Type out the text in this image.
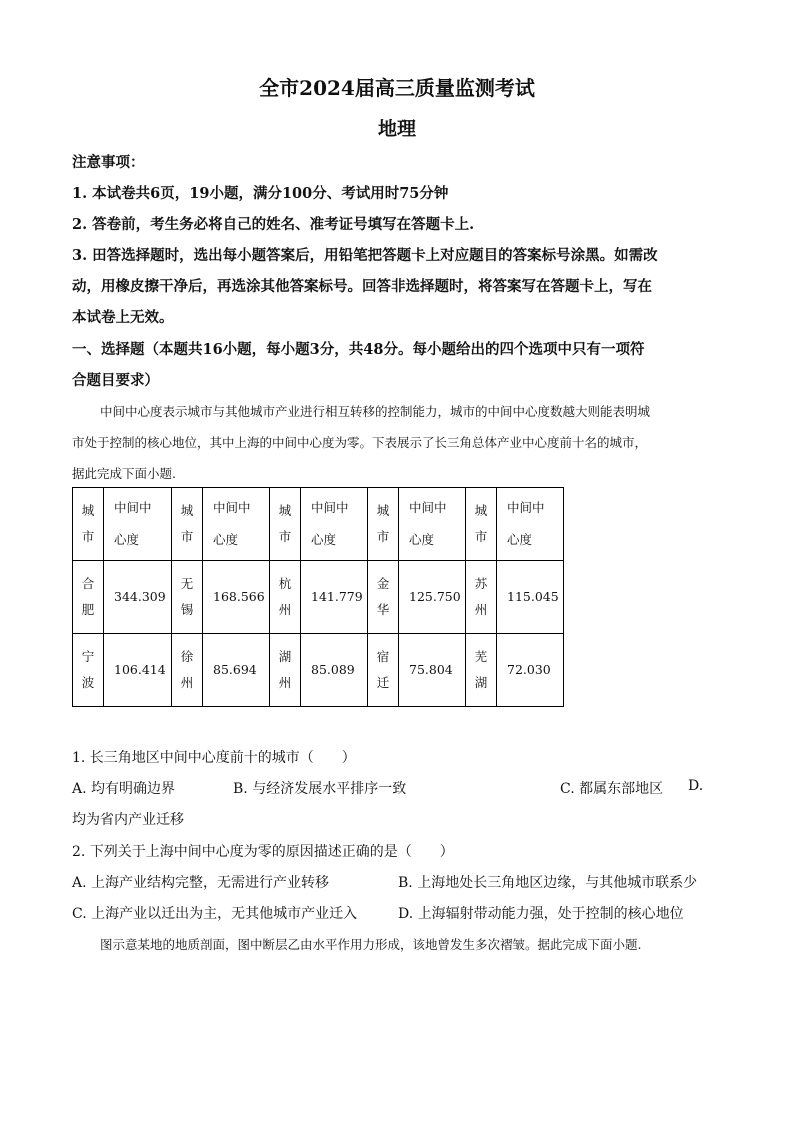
全市2024届高三质量监测考试
地理

注意事项：

1. 本试卷共6页，19小题，满分100分、考试用时75分钟

2. 答卷前，考生务必将自己的姓名、准考证号填写在答题卡上.

3. 田答选择题时，选出每小题答案后，用铅笔把答题卡上对应题目的答案标号涂黑。如需改

动，用橡皮擦干净后，再选涂其他答案标号。回答非选择题时，将答案写在答题卡上，写在

本试卷上无效。

一、选择题（本题共16小题，每小题3分，共48分。每小题给出的四个选项中只有一项符

合题目要求）

中间中心度表示城市与其他城市产业进行相互转移的控制能力，城市的中间中心度数越大则能表明城

市处于控制的核心地位，其中上海的中间中心度为零。下表展示了长三角总体产业中心度前十名的城市，

据此完成下面小题.

城
市	中间中
心度	城
市	中间中
心度	城
市	中间中
心度	城
市	中间中
心度	城
市	中间中
心度
合
肥	344.309	无
锡	168.566	杭
州	141.779	金
华	125.750	苏
州	115.045
宁
波	106.414	徐
州	85.694	湖
州	85.089	宿
迁	75.804	芜
湖	72.030

1. 长三角地区中间中心度前十的城市（　　）

A. 均有明确边界	B. 与经济发展水平排序一致	C. 都属东部地区 D.

均为省内产业迁移

2. 下列关于上海中间中心度为零的原因描述正确的是（　　）

A. 上海产业结构完整，无需进行产业转移	B. 上海地处长三角地区边缘，与其他城市联系少

C. 上海产业以迁出为主，无其他城市产业迁入	D. 上海辐射带动能力强，处于控制的核心地位

图示意某地的地质剖面，图中断层乙由水平作用力形成，该地曾发生多次褶皱。据此完成下面小题.
